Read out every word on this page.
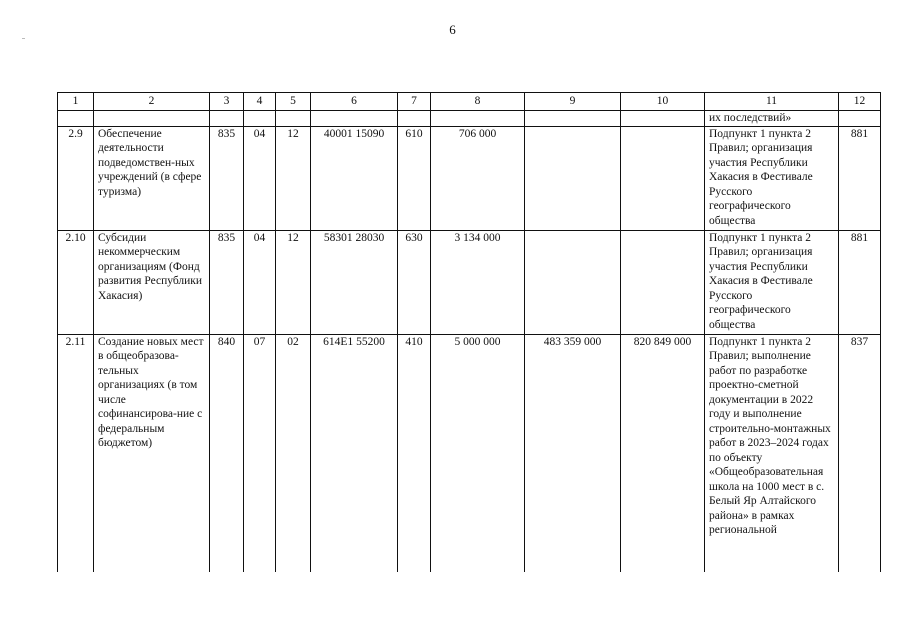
6
1	2	3	4	5	6	7	8	9	10	11	12
										их последствий»	
2.9	Обеспечение деятельности подведомствен-ных учреждений (в сфере туризма)	835	04	12	40001 15090	610	706 000			Подпункт 1 пункта 2 Правил; организация участия Республики Хакасия в Фестивале Русского географического общества	881
2.10	Субсидии некоммерческим организациям (Фонд развития Республики Хакасия)	835	04	12	58301 28030	630	3 134 000			Подпункт 1 пункта 2 Правил; организация участия Республики Хакасия в Фестивале Русского географического общества	881
2.11	Создание новых мест в общеобразова-тельных организациях (в том числе софинансирова-ние с федеральным бюджетом)	840	07	02	614Е1 55200	410	5 000 000	483 359 000	820 849 000	Подпункт 1 пункта 2 Правил; выполнение работ по разработке проектно-сметной документации в 2022 году и выполнение строительно-монтажных работ в 2023–2024 годах по объекту «Общеобразовательная школа на 1000 мест в с. Белый Яр Алтайского района» в рамках региональной	837
